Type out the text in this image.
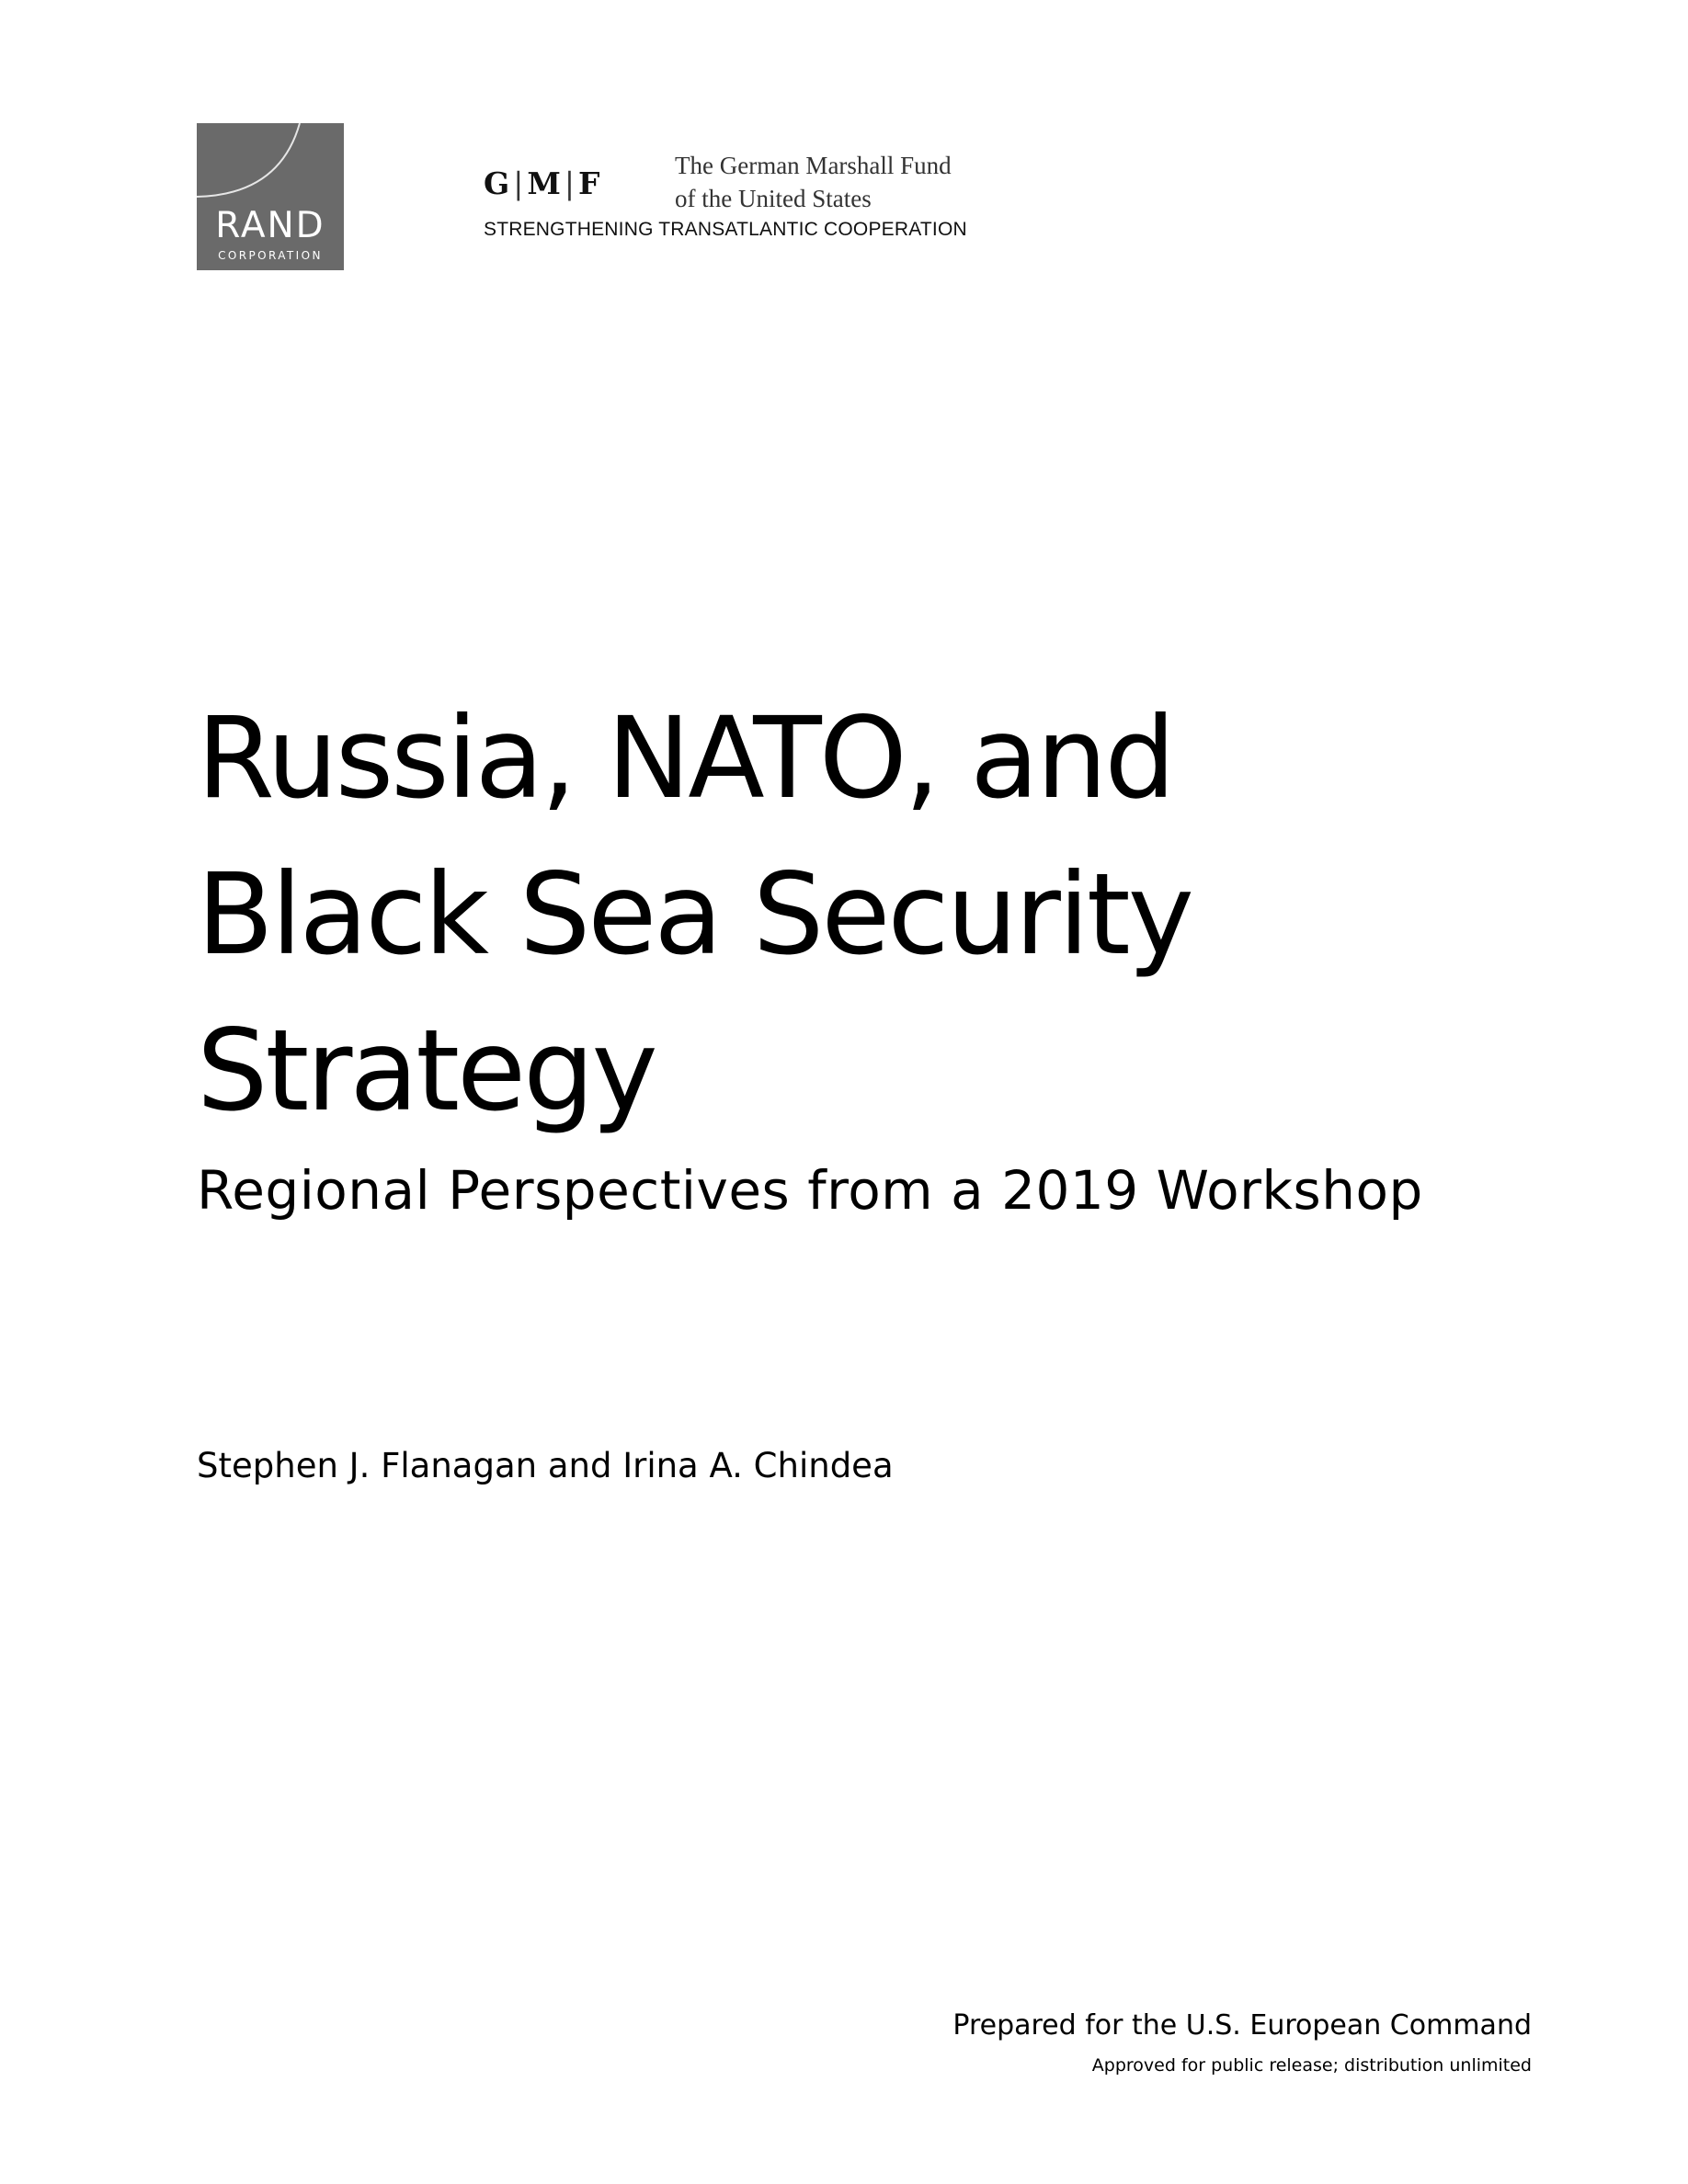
RAND
CORPORATION
G | M | F	The German Marshall Fund
of the United States
STRENGTHENING TRANSATLANTIC COOPERATION
Russia, NATO, and
Black Sea Security
Strategy
Regional Perspectives from a 2019 Workshop
Stephen J. Flanagan and Irina A. Chindea
Prepared for the U.S. European Command
Approved for public release; distribution unlimited
